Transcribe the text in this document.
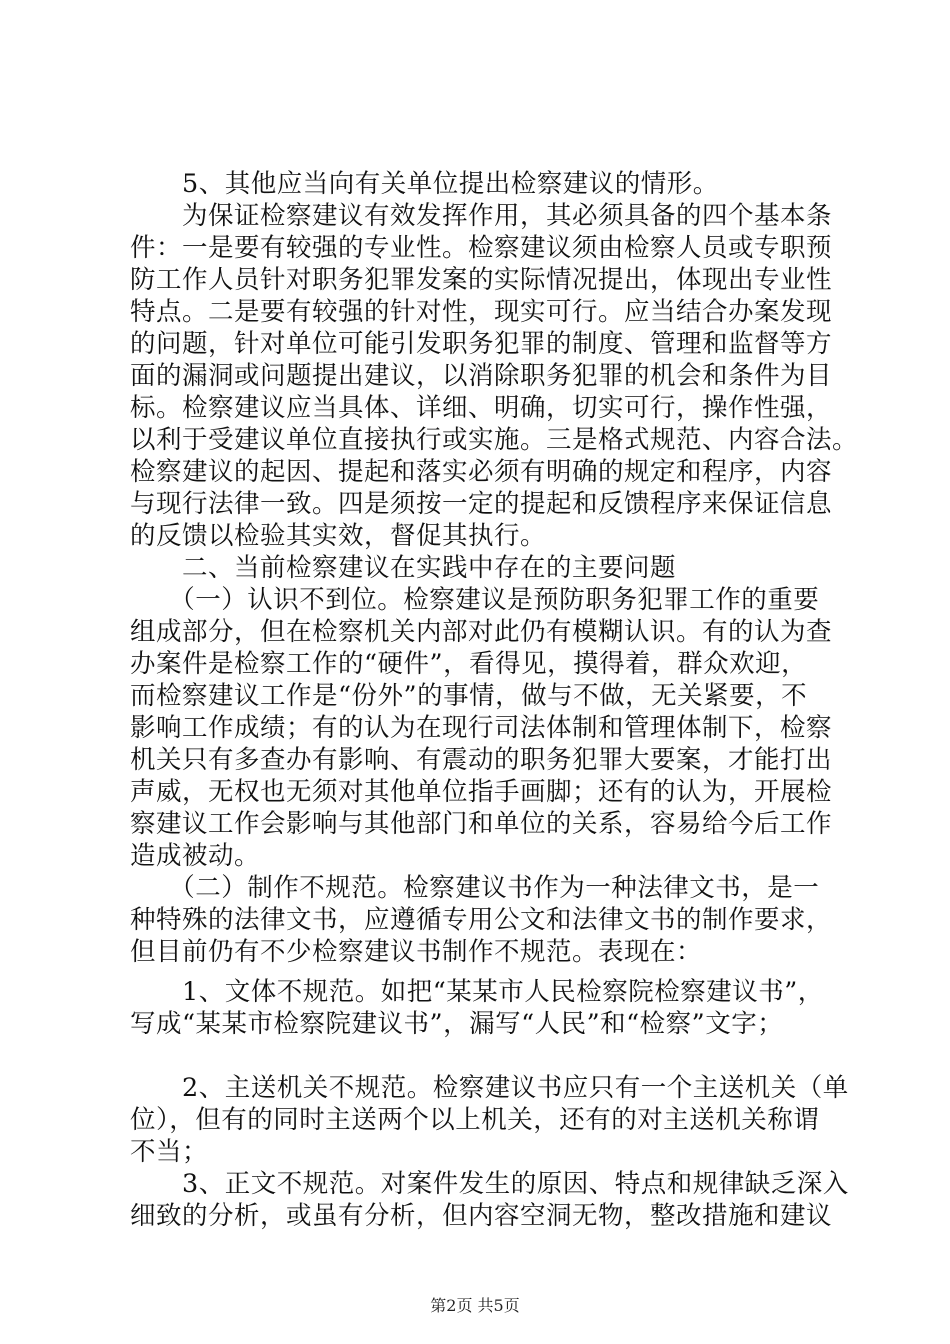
　　5、其他应当向有关单位提出检察建议的情形。
　　为保证检察建议有效发挥作用，其必须具备的四个基本条
件：一是要有较强的专业性。检察建议须由检察人员或专职预
防工作人员针对职务犯罪发案的实际情况提出，体现出专业性
特点。二是要有较强的针对性，现实可行。应当结合办案发现
的问题，针对单位可能引发职务犯罪的制度、管理和监督等方
面的漏洞或问题提出建议，以消除职务犯罪的机会和条件为目
标。检察建议应当具体、详细、明确，切实可行，操作性强，
以利于受建议单位直接执行或实施。三是格式规范、内容合法。
检察建议的起因、提起和落实必须有明确的规定和程序，内容
与现行法律一致。四是须按一定的提起和反馈程序来保证信息
的反馈以检验其实效，督促其执行。
　　二、当前检察建议在实践中存在的主要问题
　　（一）认识不到位。检察建议是预防职务犯罪工作的重要
组成部分，但在检察机关内部对此仍有模糊认识。有的认为查
办案件是检察工作的“硬件”，看得见，摸得着，群众欢迎，
而检察建议工作是“份外”的事情，做与不做，无关紧要，不
影响工作成绩；有的认为在现行司法体制和管理体制下，检察
机关只有多查办有影响、有震动的职务犯罪大要案，才能打出
声威，无权也无须对其他单位指手画脚；还有的认为，开展检
察建议工作会影响与其他部门和单位的关系，容易给今后工作
造成被动。
　　（二）制作不规范。检察建议书作为一种法律文书，是一
种特殊的法律文书，应遵循专用公文和法律文书的制作要求，
但目前仍有不少检察建议书制作不规范。表现在：
　　1、文体不规范。如把“某某市人民检察院检察建议书”，
写成“某某市检察院建议书”，漏写“人民”和“检察”文字；
　　2、主送机关不规范。检察建议书应只有一个主送机关（单
位），但有的同时主送两个以上机关，还有的对主送机关称谓
不当；
　　3、正文不规范。对案件发生的原因、特点和规律缺乏深入
细致的分析，或虽有分析，但内容空洞无物，整改措施和建议
第2页 共5页
